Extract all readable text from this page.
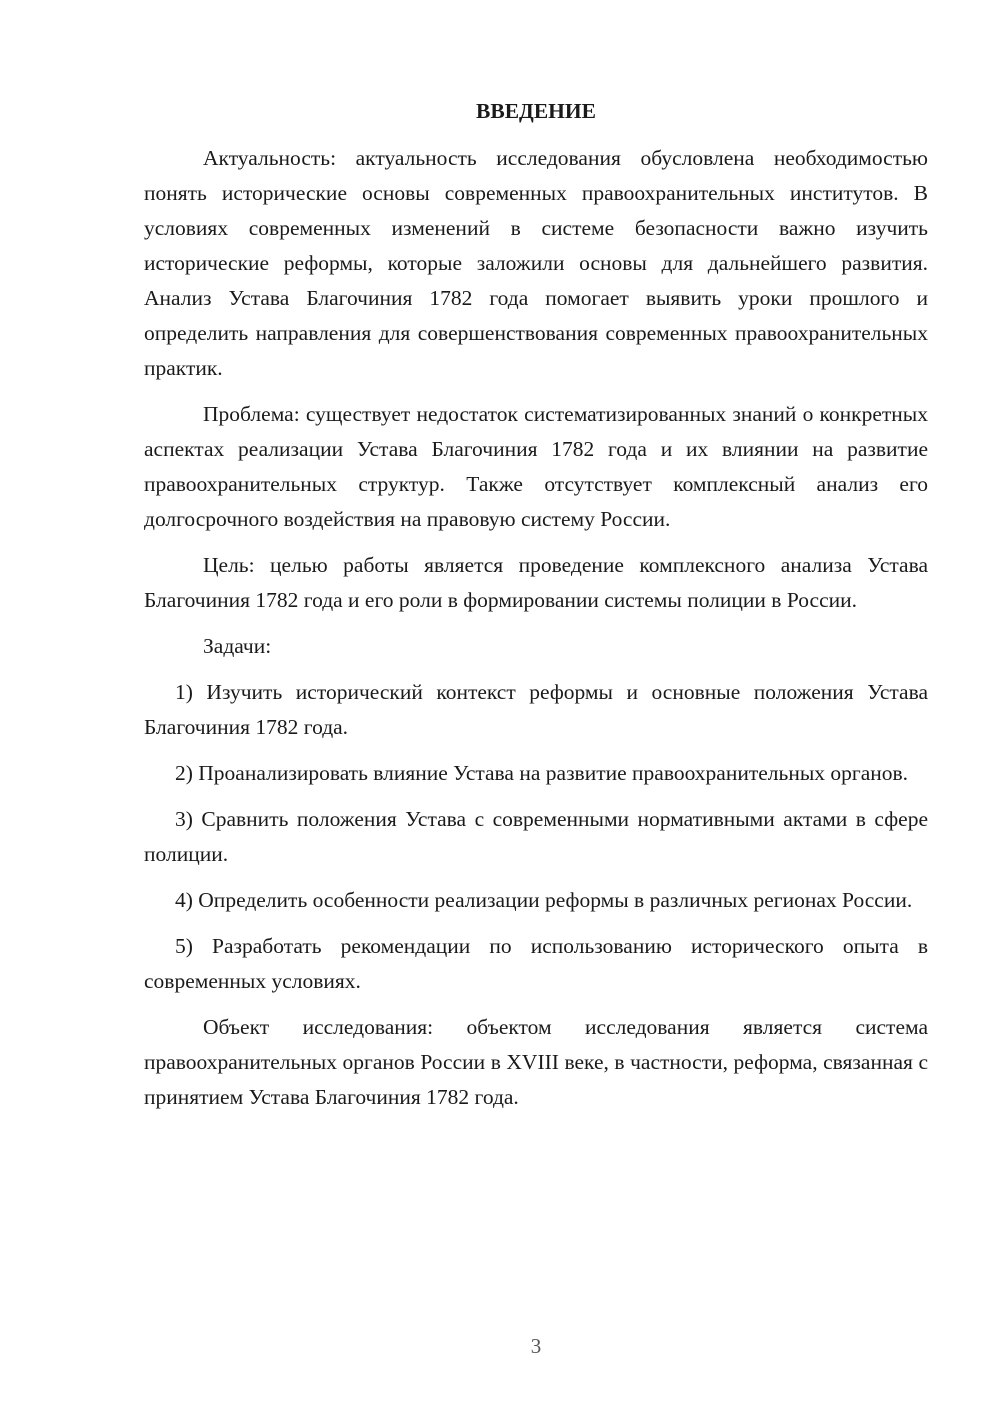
ВВЕДЕНИЕ

Актуальность: актуальность исследования обусловлена необходимостью понять исторические основы современных правоохранительных институтов. В условиях современных изменений в системе безопасности важно изучить исторические реформы, которые заложили основы для дальнейшего развития. Анализ Устава Благочиния 1782 года помогает выявить уроки прошлого и определить направления для совершенствования современных правоохранительных практик.

Проблема: существует недостаток систематизированных знаний о конкретных аспектах реализации Устава Благочиния 1782 года и их влиянии на развитие правоохранительных структур. Также отсутствует комплексный анализ его долгосрочного воздействия на правовую систему России.

Цель: целью работы является проведение комплексного анализа Устава Благочиния 1782 года и его роли в формировании системы полиции в России.

Задачи:

1) Изучить исторический контекст реформы и основные положения Устава Благочиния 1782 года.

2) Проанализировать влияние Устава на развитие правоохранительных органов.

3) Сравнить положения Устава с современными нормативными актами в сфере полиции.

4) Определить особенности реализации реформы в различных регионах России.

5) Разработать рекомендации по использованию исторического опыта в современных условиях.

Объект исследования: объектом исследования является система правоохранительных органов России в XVIII веке, в частности, реформа, связанная с принятием Устава Благочиния 1782 года.

3
